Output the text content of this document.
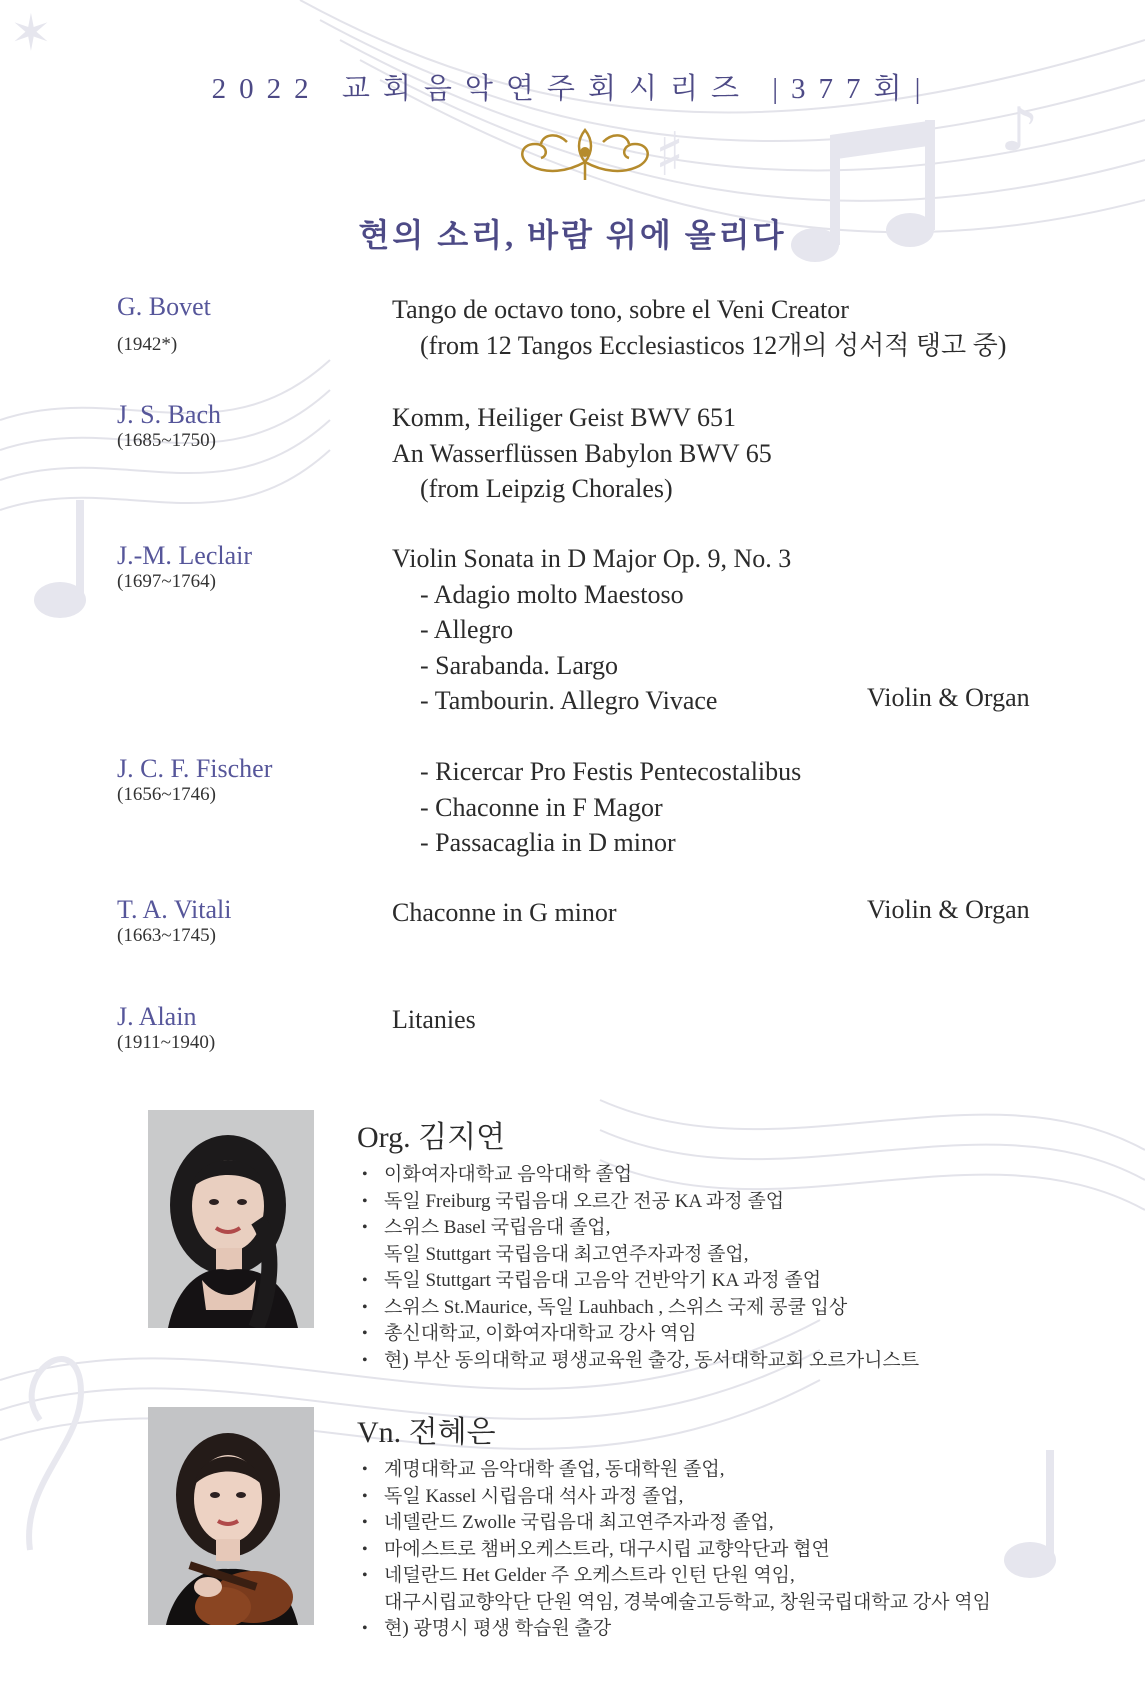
♯	♪
✶
2022 교회음악연주회시리즈 |377회|
현의 소리, 바람 위에 올리다
G. Bovet
(1942*)
Tango de octavo tono, sobre el Veni Creator
(from 12 Tangos Ecclesiasticos 12개의 성서적 탱고 중)
J. S. Bach
(1685~1750)
Komm, Heiliger Geist BWV 651
An Wasserflüssen Babylon BWV 65
(from Leipzig Chorales)
J.-M. Leclair
(1697~1764)
Violin Sonata in D Major Op. 9, No. 3
- Adagio molto Maestoso
- Allegro
- Sarabanda. Largo
- Tambourin. Allegro Vivace	Violin & Organ
J. C. F. Fischer
(1656~1746)
- Ricercar Pro Festis Pentecostalibus
- Chaconne in F Magor
- Passacaglia in D minor
T. A. Vitali
(1663~1745)
Chaconne in G minor	Violin & Organ
J. Alain
(1911~1940)
Litanies
Org. 김지연
• 이화여자대학교 음악대학 졸업
• 독일 Freiburg 국립음대 오르간 전공 KA 과정 졸업
• 스위스 Basel 국립음대 졸업,
독일 Stuttgart 국립음대 최고연주자과정 졸업,
• 독일 Stuttgart 국립음대 고음악 건반악기 KA 과정 졸업
• 스위스 St.Maurice, 독일 Lauhbach , 스위스 국제 콩쿨 입상
• 총신대학교, 이화여자대학교 강사 역임
• 현) 부산 동의대학교 평생교육원 출강, 동서대학교회 오르가니스트
Vn. 전혜은
• 계명대학교 음악대학 졸업, 동대학원 졸업,
• 독일 Kassel 시립음대 석사 과정 졸업,
• 네델란드 Zwolle 국립음대 최고연주자과정 졸업,
• 마에스트로 챔버오케스트라, 대구시립 교향악단과 협연
• 네덜란드 Het Gelder 주 오케스트라 인턴 단원 역임,
대구시립교향악단 단원 역임, 경북예술고등학교, 창원국립대학교 강사 역임
• 현) 광명시 평생 학습원 출강
